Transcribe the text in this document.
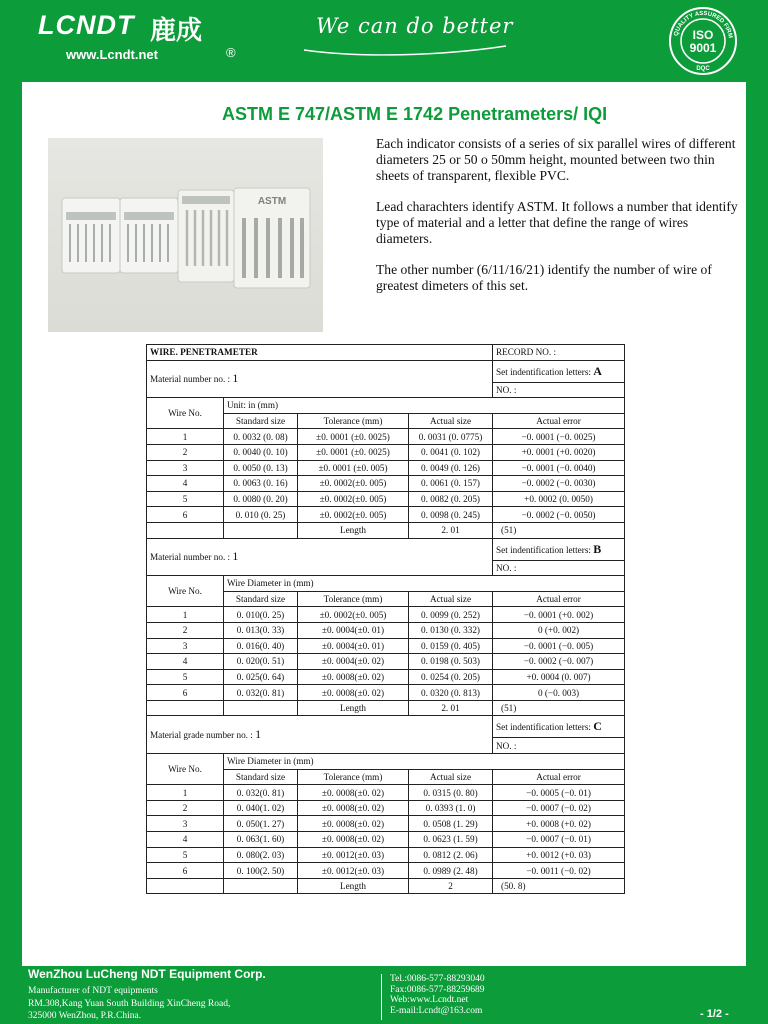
LCNDT 鹿成
www.Lcndt.net	®
We can do better	QUALITY ASSURED FIRM
ISO
9001
DQC
ASTM E 747/ASTM E 1742 Penetrameters/ IQI
ASTM

Each indicator consists of a series of six parallel wires of different diameters 25 or 50 o 50mm height, mounted between two thin sheets of transparent, flexible PVC.

Lead charachters identify ASTM. It follows a number that identify type of material and a letter that define the range of wires diameters.

The other number (6/11/16/21) identify the number of wire of greatest dimeters of this set.

WIRE. PENETRAMETER				RECORD NO. :

Material number no. : 1				Set indentification letters: A

				NO. :
Wire No.	Unit: in (mm)			
	Standard size	Tolerance (mm)	Actual size	Actual error
1	0. 0032 (0. 08)	±0. 0001 (±0. 0025)	0. 0031 (0. 0775)	−0. 0001 (−0. 0025)
2	0. 0040 (0. 10)	±0. 0001 (±0. 0025)	0. 0041 (0. 102)	+0. 0001 (+0. 0020)
3	0. 0050 (0. 13)	±0. 0001 (±0. 005)	0. 0049 (0. 126)	−0. 0001 (−0. 0040)
4	0. 0063 (0. 16)	±0. 0002(±0. 005)	0. 0061 (0. 157)	−0. 0002 (−0. 0030)
5	0. 0080 (0. 20)	±0. 0002(±0. 005)	0. 0082 (0. 205)	+0. 0002 (0. 0050)
6	0. 010 (0. 25)	±0. 0002(±0. 005)	0. 0098 (0. 245)	−0. 0002 (−0. 0050)
		Length	2. 01	(51)

Material number no. : 1				Set indentification letters: B

				NO. :
Wire No.	Wire Diameter in (mm)			
	Standard size	Tolerance (mm)	Actual size	Actual error
1	0. 010(0. 25)	±0. 0002(±0. 005)	0. 0099 (0. 252)	−0. 0001 (+0. 002)
2	0. 013(0. 33)	±0. 0004(±0. 01)	0. 0130 (0. 332)	0 (+0. 002)
3	0. 016(0. 40)	±0. 0004(±0. 01)	0. 0159 (0. 405)	−0. 0001 (−0. 005)
4	0. 020(0. 51)	±0. 0004(±0. 02)	0. 0198 (0. 503)	−0. 0002 (−0. 007)
5	0. 025(0. 64)	±0. 0008(±0. 02)	0. 0254 (0. 205)	+0. 0004 (0. 007)
6	0. 032(0. 81)	±0. 0008(±0. 02)	0. 0320 (0. 813)	0 (−0. 003)
		Length	2. 01	(51)

Material grade number no. : 1				Set indentification letters: C

				NO. :
Wire No.	Wire Diameter in (mm)			
	Standard size	Tolerance (mm)	Actual size	Actual error
1	0. 032(0. 81)	±0. 0008(±0. 02)	0. 0315 (0. 80)	−0. 0005 (−0. 01)
2	0. 040(1. 02)	±0. 0008(±0. 02)	0. 0393 (1. 0)	−0. 0007 (−0. 02)
3	0. 050(1. 27)	±0. 0008(±0. 02)	0. 0508 (1. 29)	+0. 0008 (+0. 02)
4	0. 063(1. 60)	±0. 0008(±0. 02)	0. 0623 (1. 59)	−0. 0007 (−0. 01)
5	0. 080(2. 03)	±0. 0012(±0. 03)	0. 0812 (2. 06)	+0. 0012 (+0. 03)
6	0. 100(2. 50)	±0. 0012(±0. 03)	0. 0989 (2. 48)	−0. 0011 (−0. 02)
		Length	2	(50. 8)
WenZhou LuCheng NDT Equipment Corp.
Manufacturer of NDT equipments
RM.308,Kang Yuan South Building XinCheng Road,
325000 WenZhou, P.R.China.
Tel.:0086-577-88293040
Fax:0086-577-88259689
Web:www.Lcndt.net
E-mail:Lcndt@163.com	- 1/2 -
